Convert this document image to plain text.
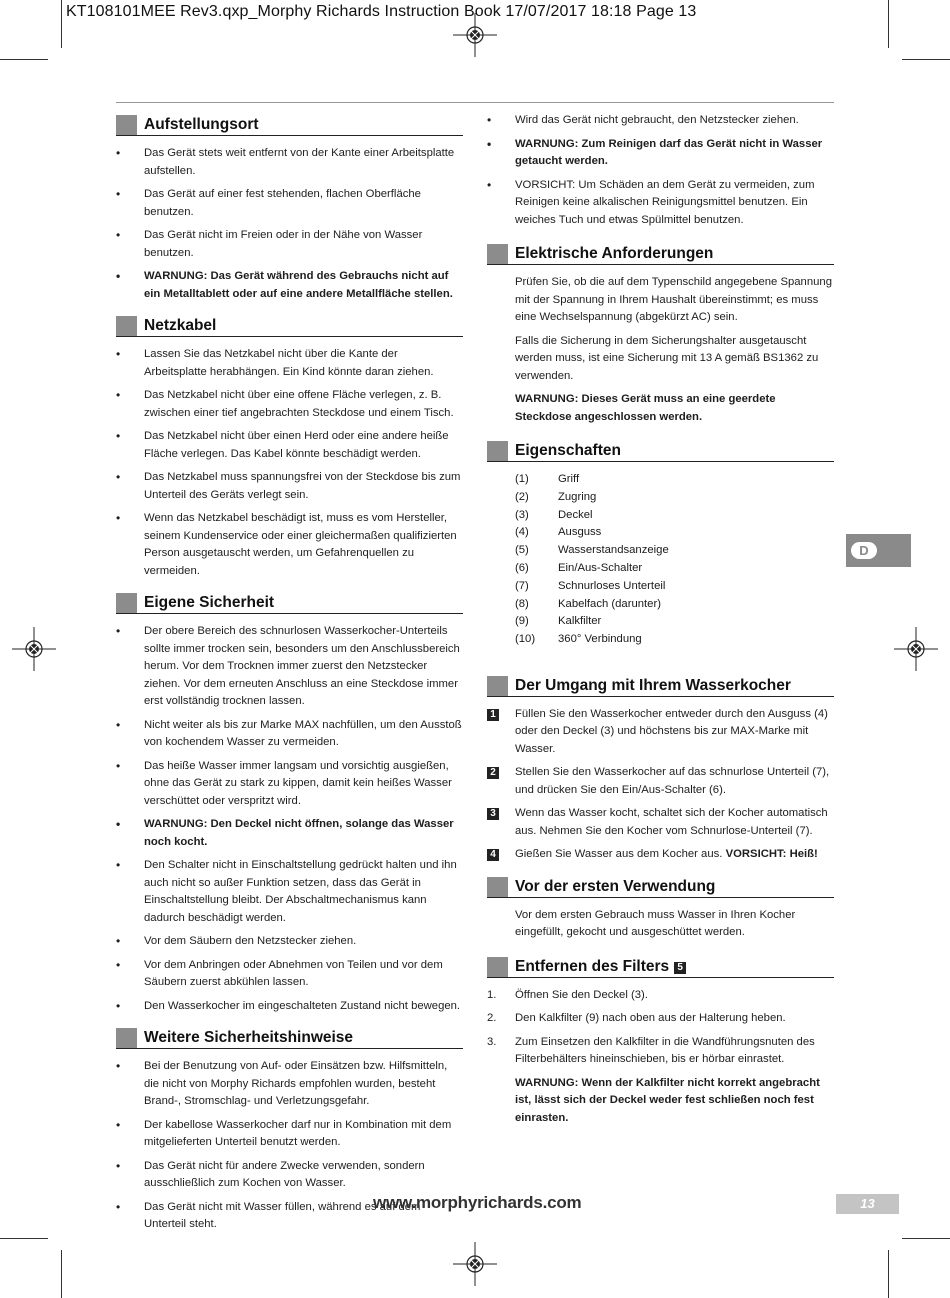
KT108101MEE Rev3.qxp_Morphy Richards Instruction Book 17/07/2017 18:18 Page 13
Aufstellungsort
• Das Gerät stets weit entfernt von der Kante einer Arbeitsplatte aufstellen.
• Das Gerät auf einer fest stehenden, flachen Oberfläche benutzen.
• Das Gerät nicht im Freien oder in der Nähe von Wasser benutzen.
• WARNUNG: Das Gerät während des Gebrauchs nicht auf ein Metalltablett oder auf eine andere Metallfläche stellen.
Netzkabel
• Lassen Sie das Netzkabel nicht über die Kante der Arbeitsplatte herabhängen. Ein Kind könnte daran ziehen.
• Das Netzkabel nicht über eine offene Fläche verlegen, z. B. zwischen einer tief angebrachten Steckdose und einem Tisch.
• Das Netzkabel nicht über einen Herd oder eine andere heiße Fläche verlegen. Das Kabel könnte beschädigt werden.
• Das Netzkabel muss spannungsfrei von der Steckdose bis zum Unterteil des Geräts verlegt sein.
• Wenn das Netzkabel beschädigt ist, muss es vom Hersteller, seinem Kundenservice oder einer gleichermaßen qualifizierten Person ausgetauscht werden, um Gefahrenquellen zu vermeiden.
Eigene Sicherheit
• Der obere Bereich des schnurlosen Wasserkocher-Unterteils sollte immer trocken sein, besonders um den Anschlussbereich herum. Vor dem Trocknen immer zuerst den Netzstecker ziehen. Vor dem erneuten Anschluss an eine Steckdose immer erst vollständig trocknen lassen.
• Nicht weiter als bis zur Marke MAX nachfüllen, um den Ausstoß von kochendem Wasser zu vermeiden.
• Das heiße Wasser immer langsam und vorsichtig ausgießen, ohne das Gerät zu stark zu kippen, damit kein heißes Wasser verschüttet oder verspritzt wird.
• WARNUNG: Den Deckel nicht öffnen, solange das Wasser noch kocht.
• Den Schalter nicht in Einschaltstellung gedrückt halten und ihn auch nicht so außer Funktion setzen, dass das Gerät in Einschaltstellung bleibt. Der Abschaltmechanismus kann dadurch beschädigt werden.
• Vor dem Säubern den Netzstecker ziehen.
• Vor dem Anbringen oder Abnehmen von Teilen und vor dem Säubern zuerst abkühlen lassen.
• Den Wasserkocher im eingeschalteten Zustand nicht bewegen.
Weitere Sicherheitshinweise
• Bei der Benutzung von Auf- oder Einsätzen bzw. Hilfsmitteln, die nicht von Morphy Richards empfohlen wurden, besteht Brand-, Stromschlag- und Verletzungsgefahr.
• Der kabellose Wasserkocher darf nur in Kombination mit dem mitgelieferten Unterteil benutzt werden.
• Das Gerät nicht für andere Zwecke verwenden, sondern ausschließlich zum Kochen von Wasser.
• Das Gerät nicht mit Wasser füllen, während es auf dem Unterteil steht.
• Wird das Gerät nicht gebraucht, den Netzstecker ziehen.
• WARNUNG: Zum Reinigen darf das Gerät nicht in Wasser getaucht werden.
• VORSICHT: Um Schäden an dem Gerät zu vermeiden, zum Reinigen keine alkalischen Reinigungsmittel benutzen. Ein weiches Tuch und etwas Spülmittel benutzen.
Elektrische Anforderungen

Prüfen Sie, ob die auf dem Typenschild angegebene Spannung mit der Spannung in Ihrem Haushalt übereinstimmt; es muss eine Wechselspannung (abgekürzt AC) sein.

Falls die Sicherung in dem Sicherungshalter ausgetauscht werden muss, ist eine Sicherung mit 13 A gemäß BS1362 zu verwenden.

WARNUNG: Dieses Gerät muss an eine geerdete Steckdose angeschlossen werden.

Eigenschaften
(1)	Griff
(2)	Zugring
(3)	Deckel
(4)	Ausguss
(5)	Wasserstandsanzeige
(6)	Ein/Aus-Schalter
(7)	Schnurloses Unterteil
(8)	Kabelfach (darunter)
(9)	Kalkfilter
(10)	360° Verbindung
Der Umgang mit Ihrem Wasserkocher
1 Füllen Sie den Wasserkocher entweder durch den Ausguss (4) oder den Deckel (3) und höchstens bis zur MAX-Marke mit Wasser.
2 Stellen Sie den Wasserkocher auf das schnurlose Unterteil (7), und drücken Sie den Ein/Aus-Schalter (6).
3 Wenn das Wasser kocht, schaltet sich der Kocher automatisch aus. Nehmen Sie den Kocher vom Schnurlose-Unterteil (7).
4 Gießen Sie Wasser aus dem Kocher aus. VORSICHT: Heiß!
Vor der ersten Verwendung

Vor dem ersten Gebrauch muss Wasser in Ihren Kocher eingefüllt, gekocht und ausgeschüttet werden.

Entfernen des Filters 5
1. Öffnen Sie den Deckel (3).
2. Den Kalkfilter (9) nach oben aus der Halterung heben.
3. Zum Einsetzen den Kalkfilter in die Wandführungsnuten des Filterbehälters hineinschieben, bis er hörbar einrastet.

WARNUNG: Wenn der Kalkfilter nicht korrekt angebracht ist, lässt sich der Deckel weder fest schließen noch fest einrasten.

D
www.morphyrichards.com	13
